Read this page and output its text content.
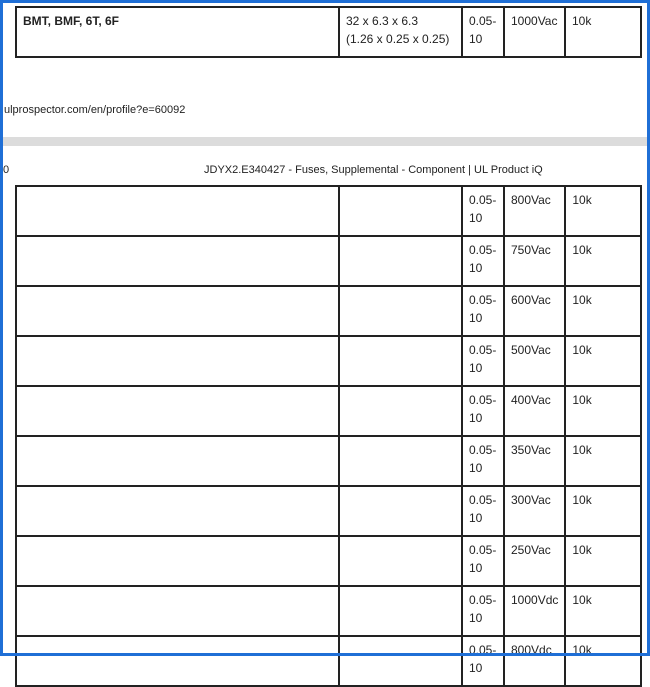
BMT, BMF, 6T, 6F	32 x 6.3 x 6.3
(1.26 x 0.25 x 0.25)	0.05-
10	1000Vac	10k
ulprospector.com/en/profile?e=60092
0	JDYX2.E340427 - Fuses, Supplemental - Component | UL Product iQ
		0.05-
10	800Vac	10k
		0.05-
10	750Vac	10k
		0.05-
10	600Vac	10k
		0.05-
10	500Vac	10k
		0.05-
10	400Vac	10k
		0.05-
10	350Vac	10k
		0.05-
10	300Vac	10k
		0.05-
10	250Vac	10k
		0.05-
10	1000Vdc	10k
		0.05-
10	800Vdc	10k
